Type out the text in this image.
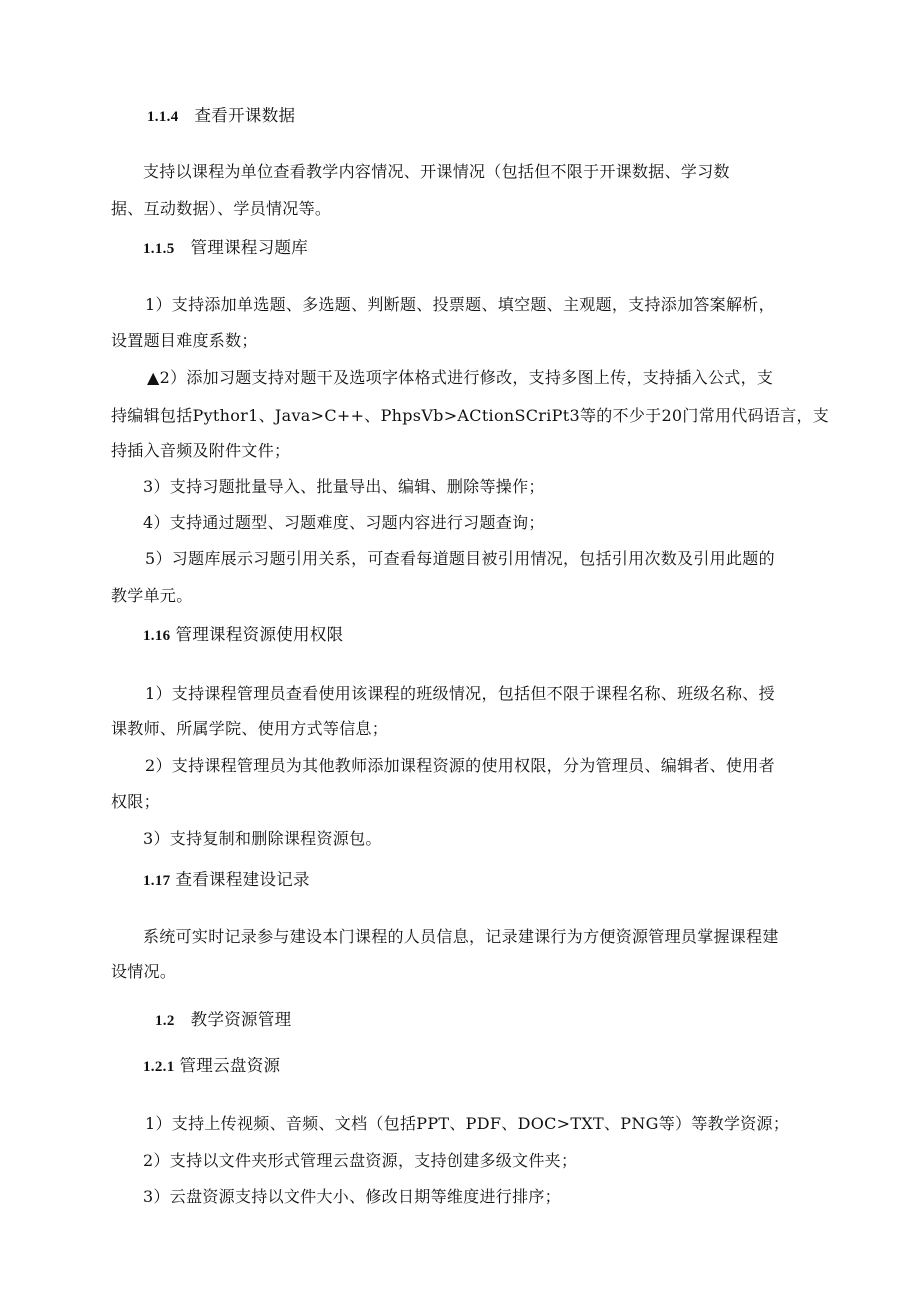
1.1.4 查看开课数据
支持以课程为单位查看教学内容情况、开课情况（包括但不限于开课数据、学习数
据、互动数据）、学员情况等。
1.1.5 管理课程习题库
1）支持添加单选题、多选题、判断题、投票题、填空题、主观题，支持添加答案解析，
设置题目难度系数；
▲2）添加习题支持对题干及选项字体格式进行修改，支持多图上传，支持插入公式，支
持编辑包括Pythor1、Java>C++、PhpsVb>ACtionSCriPt3等的不少于20门常用代码语言，支
持插入音频及附件文件；
3）支持习题批量导入、批量导出、编辑、删除等操作；
4）支持通过题型、习题难度、习题内容进行习题查询；
5）习题库展示习题引用关系，可查看每道题目被引用情况，包括引用次数及引用此题的
教学单元。
1.16 管理课程资源使用权限
1）支持课程管理员查看使用该课程的班级情况，包括但不限于课程名称、班级名称、授
课教师、所属学院、使用方式等信息；
2）支持课程管理员为其他教师添加课程资源的使用权限，分为管理员、编辑者、使用者
权限；
3）支持复制和删除课程资源包。
1.17 查看课程建设记录
系统可实时记录参与建设本门课程的人员信息，记录建课行为方便资源管理员掌握课程建
设情况。
1.2 教学资源管理
1.2.1 管理云盘资源
1）支持上传视频、音频、文档（包括PPT、PDF、DOC>TXT、PNG等）等教学资源；
2）支持以文件夹形式管理云盘资源，支持创建多级文件夹；
3）云盘资源支持以文件大小、修改日期等维度进行排序；
